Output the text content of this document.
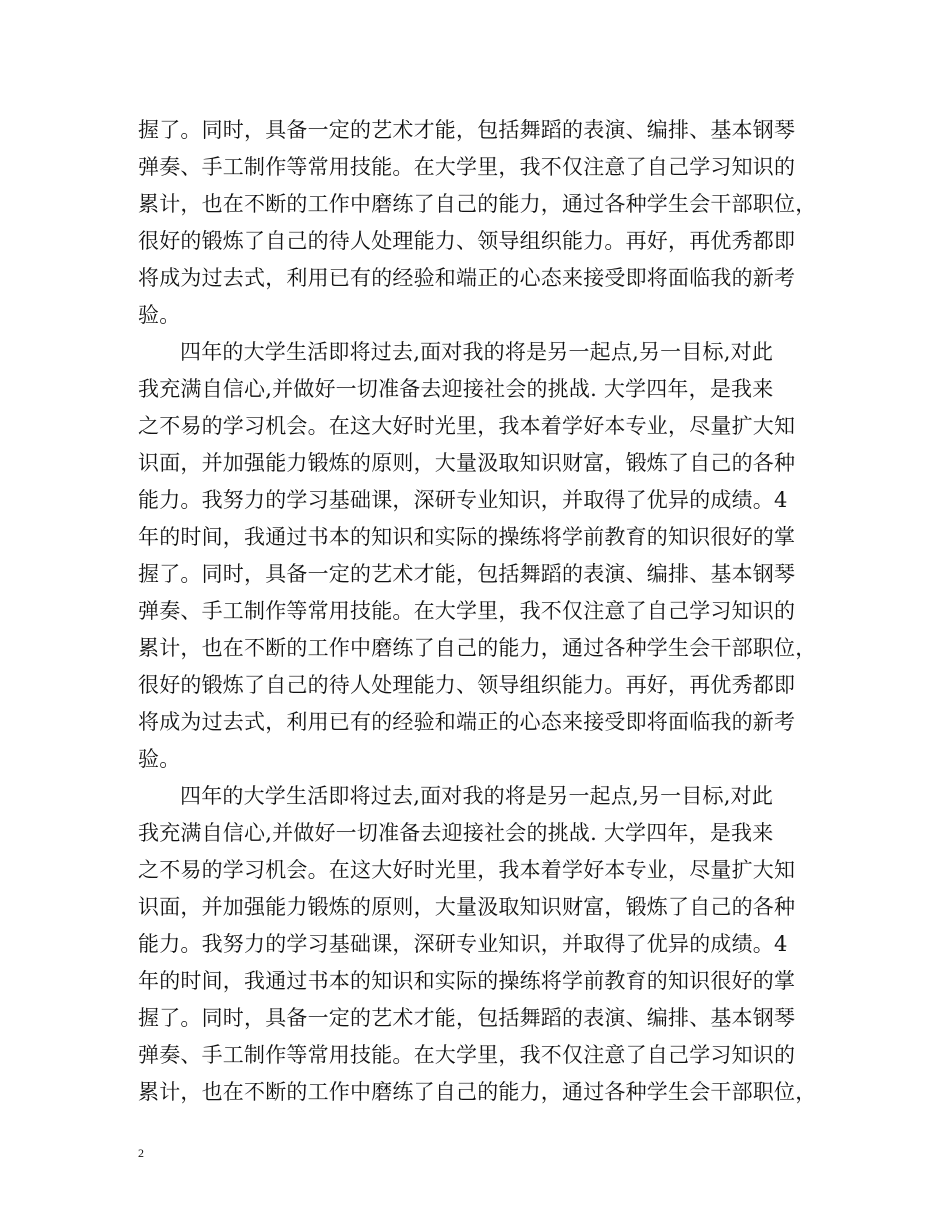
握了。同时，具备一定的艺术才能，包括舞蹈的表演、编排、基本钢琴
弹奏、手工制作等常用技能。在大学里，我不仅注意了自己学习知识的
累计，也在不断的工作中磨练了自己的能力，通过各种学生会干部职位，
很好的锻炼了自己的待人处理能力、领导组织能力。再好，再优秀都即
将成为过去式，利用已有的经验和端正的心态来接受即将面临我的新考
验。
四年的大学生活即将过去,面对我的将是另一起点,另一目标,对此
我充满自信心,并做好一切准备去迎接社会的挑战. 大学四年，是我来
之不易的学习机会。在这大好时光里，我本着学好本专业，尽量扩大知
识面，并加强能力锻炼的原则，大量汲取知识财富，锻炼了自己的各种
能力。我努力的学习基础课，深研专业知识，并取得了优异的成绩。4
年的时间，我通过书本的知识和实际的操练将学前教育的知识很好的掌
握了。同时，具备一定的艺术才能，包括舞蹈的表演、编排、基本钢琴
弹奏、手工制作等常用技能。在大学里，我不仅注意了自己学习知识的
累计，也在不断的工作中磨练了自己的能力，通过各种学生会干部职位，
很好的锻炼了自己的待人处理能力、领导组织能力。再好，再优秀都即
将成为过去式，利用已有的经验和端正的心态来接受即将面临我的新考
验。
四年的大学生活即将过去,面对我的将是另一起点,另一目标,对此
我充满自信心,并做好一切准备去迎接社会的挑战. 大学四年，是我来
之不易的学习机会。在这大好时光里，我本着学好本专业，尽量扩大知
识面，并加强能力锻炼的原则，大量汲取知识财富，锻炼了自己的各种
能力。我努力的学习基础课，深研专业知识，并取得了优异的成绩。4
年的时间，我通过书本的知识和实际的操练将学前教育的知识很好的掌
握了。同时，具备一定的艺术才能，包括舞蹈的表演、编排、基本钢琴
弹奏、手工制作等常用技能。在大学里，我不仅注意了自己学习知识的
累计，也在不断的工作中磨练了自己的能力，通过各种学生会干部职位，
2
